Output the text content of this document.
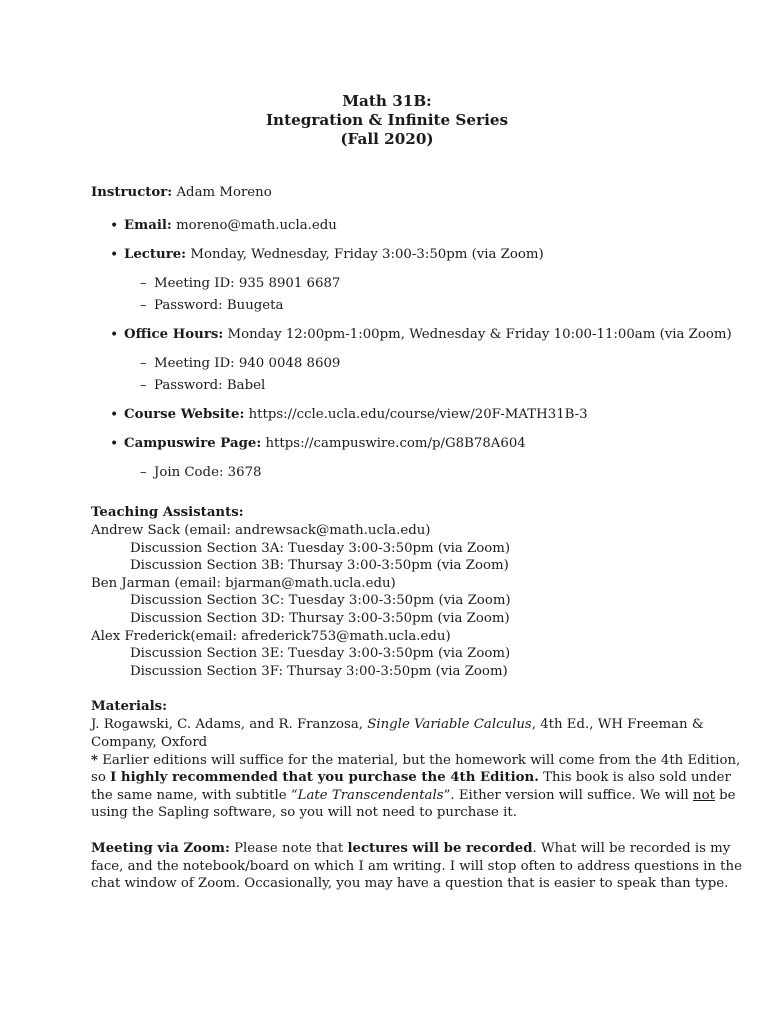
Math 31B:
Integration & Infinite Series
(Fall 2020)
Instructor: Adam Moreno
• Email: moreno@math.ucla.edu
• Lecture: Monday, Wednesday, Friday 3:00-3:50pm (via Zoom)
– Meeting ID: 935 8901 6687
– Password: Buugeta
• Office Hours: Monday 12:00pm-1:00pm, Wednesday & Friday 10:00-11:00am (via Zoom)
– Meeting ID: 940 0048 8609
– Password: Babel
• Course Website: https://ccle.ucla.edu/course/view/20F-MATH31B-3
• Campuswire Page: https://campuswire.com/p/G8B78A604
– Join Code: 3678
Teaching Assistants:
Andrew Sack (email: andrewsack@math.ucla.edu)
Discussion Section 3A: Tuesday 3:00-3:50pm (via Zoom)
Discussion Section 3B: Thursay 3:00-3:50pm (via Zoom)
Ben Jarman (email: bjarman@math.ucla.edu)
Discussion Section 3C: Tuesday 3:00-3:50pm (via Zoom)
Discussion Section 3D: Thursay 3:00-3:50pm (via Zoom)
Alex Frederick(email: afrederick753@math.ucla.edu)
Discussion Section 3E: Tuesday 3:00-3:50pm (via Zoom)
Discussion Section 3F: Thursay 3:00-3:50pm (via Zoom)
Materials:
J. Rogawski, C. Adams, and R. Franzosa, Single Variable Calculus, 4th Ed., WH Freeman &
Company, Oxford
* Earlier editions will suffice for the material, but the homework will come from the 4th Edition,
so I highly recommended that you purchase the 4th Edition. This book is also sold under
the same name, with subtitle “Late Transcendentals”. Either version will suffice. We will not be
using the Sapling software, so you will not need to purchase it.
Meeting via Zoom: Please note that lectures will be recorded. What will be recorded is my
face, and the notebook/board on which I am writing. I will stop often to address questions in the
chat window of Zoom. Occasionally, you may have a question that is easier to speak than type.
